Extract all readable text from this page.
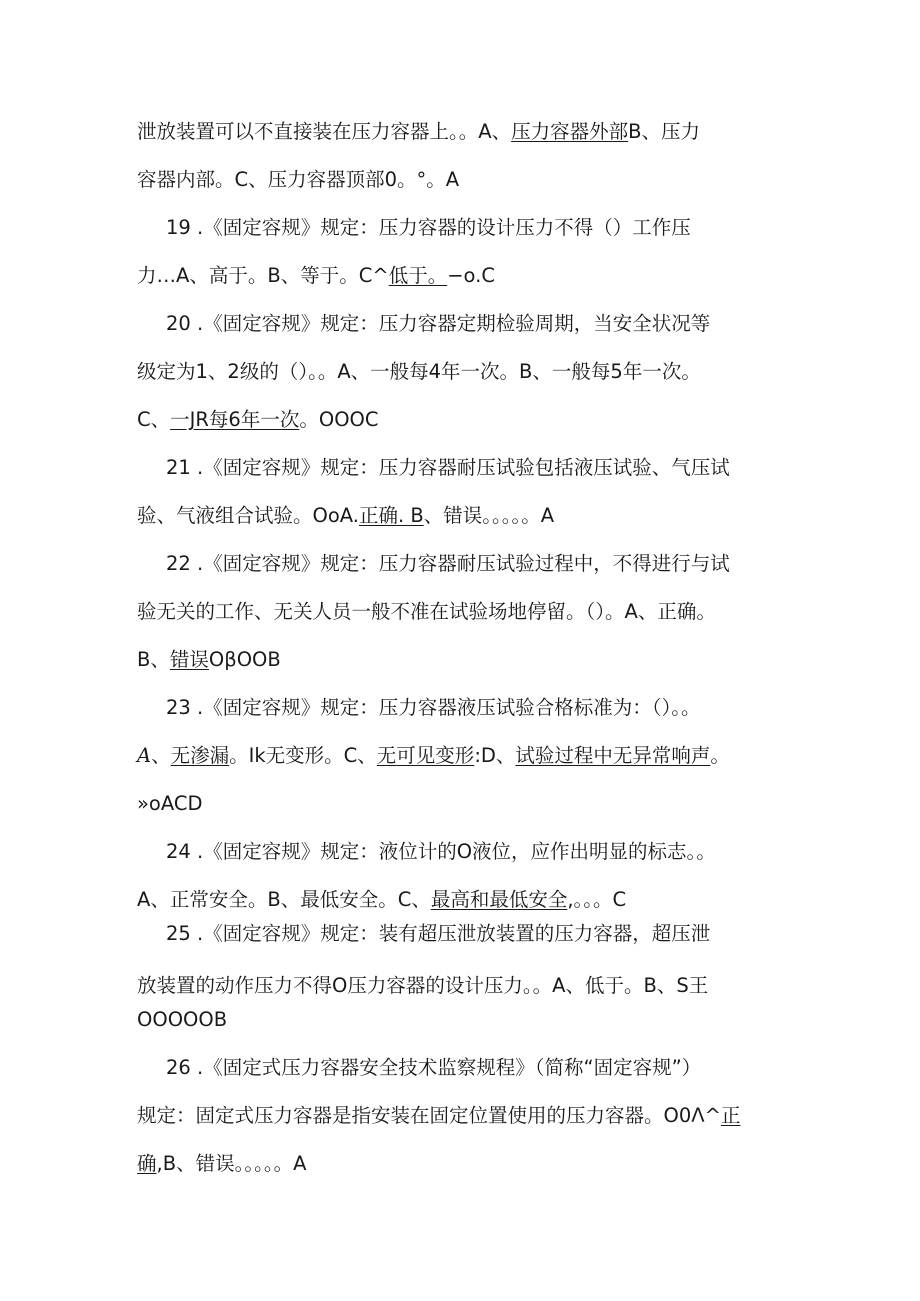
泄放装置可以不直接装在压力容器上。。A、压力容器外部B、压力
容器内部。C、压力容器顶部0。°。A
19 .《固定容规》规定：压力容器的设计压力不得（）工作压
力…A、高于。B、等于。C^低于。−o.C
20 .《固定容规》规定：压力容器定期检验周期，当安全状况等
级定为1、2级的（）。。A、一般每4年一次。B、一般每5年一次。
C、一JR每6年一次。OOOC
21 .《固定容规》规定：压力容器耐压试验包括液压试验、气压试
验、气液组合试验。OoA.正确. B、错误。。。。。A
22 .《固定容规》规定：压力容器耐压试验过程中，不得进行与试
验无关的工作、无关人员一般不准在试验场地停留。（）。A、正确。
B、错误OβOOB
23 .《固定容规》规定：压力容器液压试验合格标准为：（）。。
A、无渗漏。Ik无变形。C、无可见变形:D、试验过程中无异常响声。
»oACD
24 .《固定容规》规定：液位计的O液位，应作出明显的标志。。
A、正常安全。B、最低安全。C、最高和最低安全,。。。C
25 .《固定容规》规定：装有超压泄放装置的压力容器，超压泄
放装置的动作压力不得O压力容器的设计压力。。A、低于。B、S王
OOOOOB
26 .《固定式压力容器安全技术监察规程》（简称“固定容规”）
规定：固定式压力容器是指安装在固定位置使用的压力容器。O0Λ^正
确,B、错误。。。。。A
